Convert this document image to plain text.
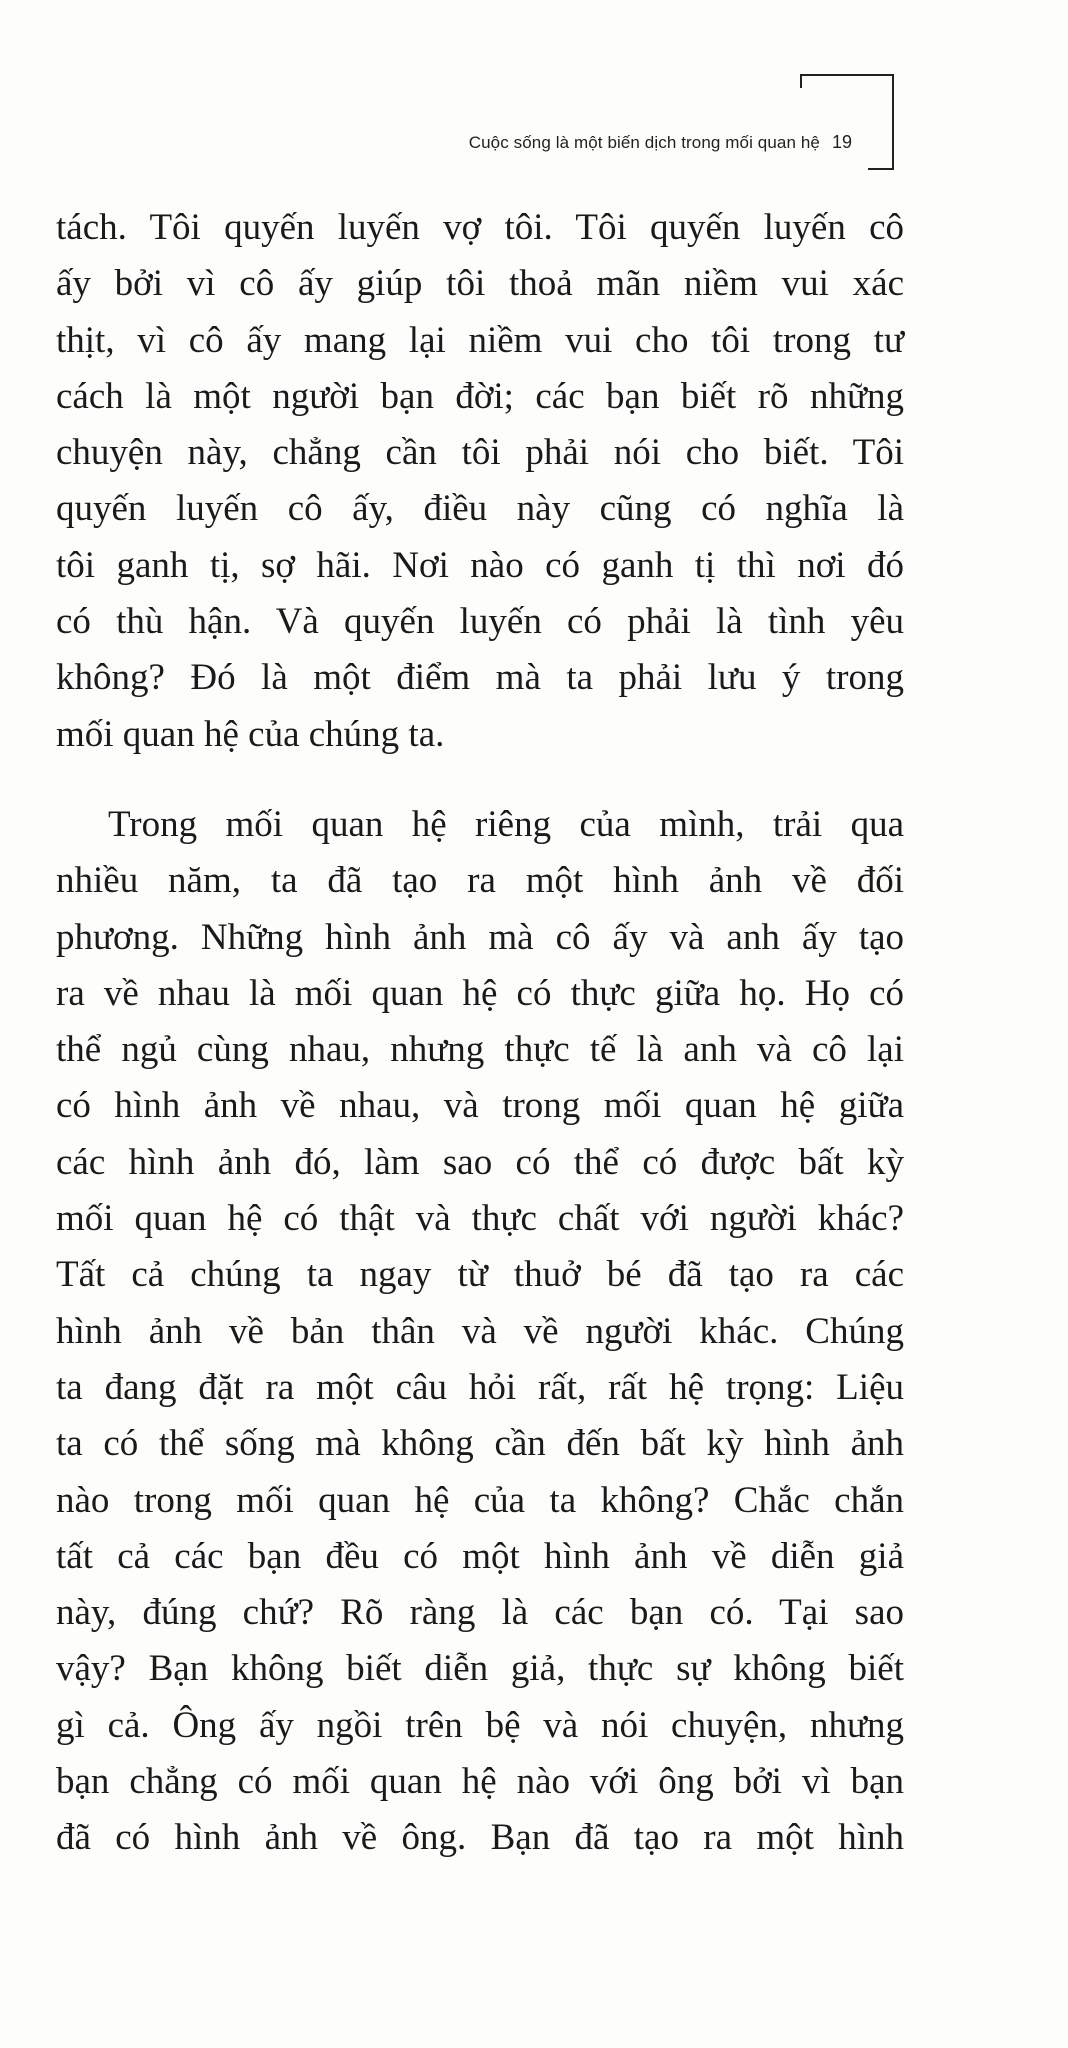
Cuộc sống là một biến dịch trong mối quan hệ 19
tách. Tôi quyến luyến vợ tôi. Tôi quyến luyến cô
ấy bởi vì cô ấy giúp tôi thoả mãn niềm vui xác
thịt, vì cô ấy mang lại niềm vui cho tôi trong tư
cách là một người bạn đời; các bạn biết rõ những
chuyện này, chẳng cần tôi phải nói cho biết. Tôi
quyến luyến cô ấy, điều này cũng có nghĩa là
tôi ganh tị, sợ hãi. Nơi nào có ganh tị thì nơi đó
có thù hận. Và quyến luyến có phải là tình yêu
không? Đó là một điểm mà ta phải lưu ý trong
mối quan hệ của chúng ta.
Trong mối quan hệ riêng của mình, trải qua
nhiều năm, ta đã tạo ra một hình ảnh về đối
phương. Những hình ảnh mà cô ấy và anh ấy tạo
ra về nhau là mối quan hệ có thực giữa họ. Họ có
thể ngủ cùng nhau, nhưng thực tế là anh và cô lại
có hình ảnh về nhau, và trong mối quan hệ giữa
các hình ảnh đó, làm sao có thể có được bất kỳ
mối quan hệ có thật và thực chất với người khác?
Tất cả chúng ta ngay từ thuở bé đã tạo ra các
hình ảnh về bản thân và về người khác. Chúng
ta đang đặt ra một câu hỏi rất, rất hệ trọng: Liệu
ta có thể sống mà không cần đến bất kỳ hình ảnh
nào trong mối quan hệ của ta không? Chắc chắn
tất cả các bạn đều có một hình ảnh về diễn giả
này, đúng chứ? Rõ ràng là các bạn có. Tại sao
vậy? Bạn không biết diễn giả, thực sự không biết
gì cả. Ông ấy ngồi trên bệ và nói chuyện, nhưng
bạn chẳng có mối quan hệ nào với ông bởi vì bạn
đã có hình ảnh về ông. Bạn đã tạo ra một hình
